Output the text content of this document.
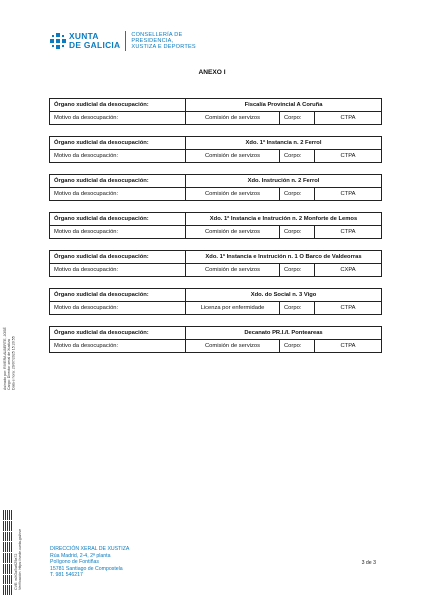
XUNTA
DE GALICIA
CONSELLERÍA DE
PRESIDENCIA,
XUSTIZA E DEPORTES
ANEXO I
Órgano xudicial da desocupación:	Fiscalía Provincial A Coruña		
Motivo da desocupación:	Comisión de servizos	Corpo:	CTPA
Órgano xudicial da desocupación:	Xdo. 1ª Instancia n. 2 Ferrol		
Motivo da desocupación:	Comisión de servizos	Corpo:	CTPA
Órgano xudicial da desocupación:	Xdo. Instrución n. 2 Ferrol		
Motivo da desocupación:	Comisión de servizos	Corpo:	CTPA
Órgano xudicial da desocupación:	Xdo. 1ª Instancia e Instrución n. 2 Monforte de Lemos		
Motivo da desocupación:	Comisión de servizos	Corpo:	CTPA
Órgano xudicial da desocupación:	Xdo. 1ª Instancia e Instrución n. 1 O Barco de Valdeorras		
Motivo da desocupación:	Comisión de servizos	Corpo:	CXPA
Órgano xudicial da desocupación:	Xdo. do Social n. 3 Vigo		
Motivo da desocupación:	Licenza por enfermidade	Corpo:	CTPA
Órgano xudicial da desocupación:	Decanato PR.I./I. Ponteareas		
Motivo da desocupación:	Comisión de servizos	Corpo:	CTPA
Asinado por: RIVERA ALBERTE, JOSÉ Cargo: Director xeral de Xustiza Data e hora: 29/07/2025 15:20:55
CVE: wXGaSw0Z9a72 Verificación: https://sede.xunta.gal/cve	DIRECCIÓN XERAL DE XUSTIZA
Rúa Madrid, 2-4, 2ª planta
Polígono de Fontiñas
15781 Santiago de Compostela
T. 981 546217
3 de 3
